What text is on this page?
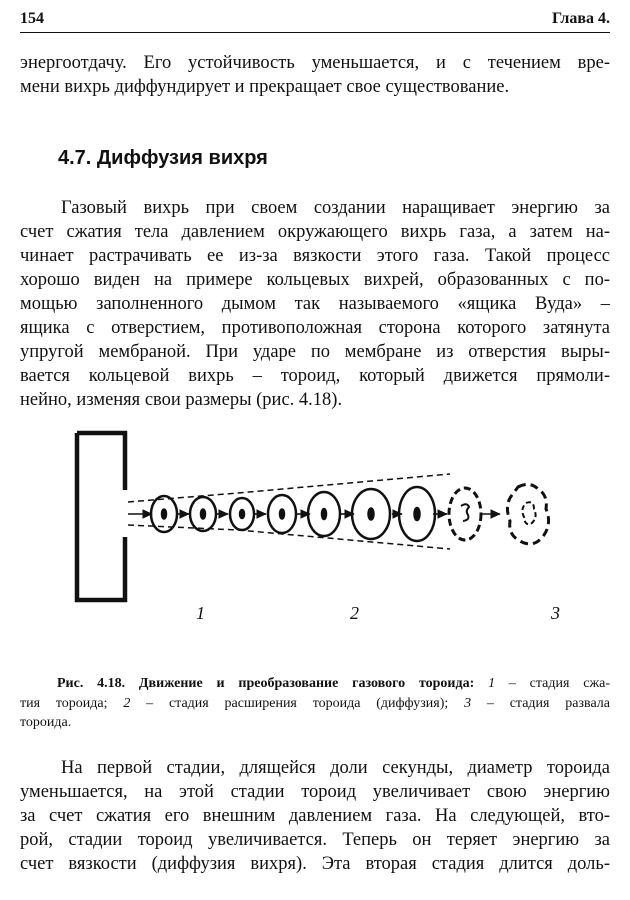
154	Глава 4.

энергоотдачу. Его устойчивость уменьшается, и с течением вре-
мени вихрь диффундирует и прекращает свое существование.

4.7. Диффузия вихря

Газовый вихрь при своем создании наращивает энергию за
счет сжатия тела давлением окружающего вихрь газа, а затем на-
чинает растрачивать ее из-за вязкости этого газа. Такой процесс
хорошо виден на примере кольцевых вихрей, образованных с по-
мощью заполненного дымом так называемого «ящика Вуда» –
ящика с отверстием, противоположная сторона которого затянута
упругой мембраной. При ударе по мембране из отверстия выры-
вается кольцевой вихрь – тороид, который движется прямоли-
нейно, изменяя свои размеры (рис. 4.18).

1	2	3

Рис. 4.18. Движение и преобразование газового тороида: 1 – стадия сжа-
тия тороида; 2 – стадия расширения тороида (диффузия); 3 – стадия развала
тороида.

На первой стадии, длящейся доли секунды, диаметр тороида
уменьшается, на этой стадии тороид увеличивает свою энергию
за счет сжатия его внешним давлением газа. На следующей, вто-
рой, стадии тороид увеличивается. Теперь он теряет энергию за
счет вязкости (диффузия вихря). Эта вторая стадия длится доль-
